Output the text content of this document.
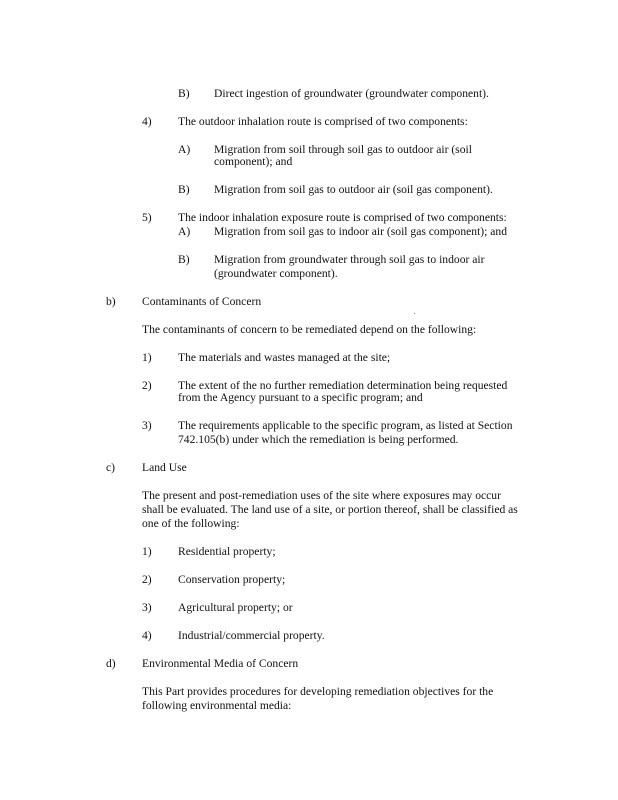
B) Direct ingestion of groundwater (groundwater component).
4) The outdoor inhalation route is comprised of two components:
A) Migration from soil through soil gas to outdoor air (soil
component); and
B) Migration from soil gas to outdoor air (soil gas component).
5) The indoor inhalation exposure route is comprised of two components:
A) Migration from soil gas to indoor air (soil gas component); and
B) Migration from groundwater through soil gas to indoor air
(groundwater component).
b) Contaminants of Concern
The contaminants of concern to be remediated depend on the following:
1) The materials and wastes managed at the site;
2) The extent of the no further remediation determination being requested
from the Agency pursuant to a specific program; and
3) The requirements applicable to the specific program, as listed at Section
742.105(b) under which the remediation is being performed.
c) Land Use
The present and post-remediation uses of the site where exposures may occur
shall be evaluated. The land use of a site, or portion thereof, shall be classified as
one of the following:
1) Residential property;
2) Conservation property;
3) Agricultural property; or
4) Industrial/commercial property.
d) Environmental Media of Concern
This Part provides procedures for developing remediation objectives for the
following environmental media:
